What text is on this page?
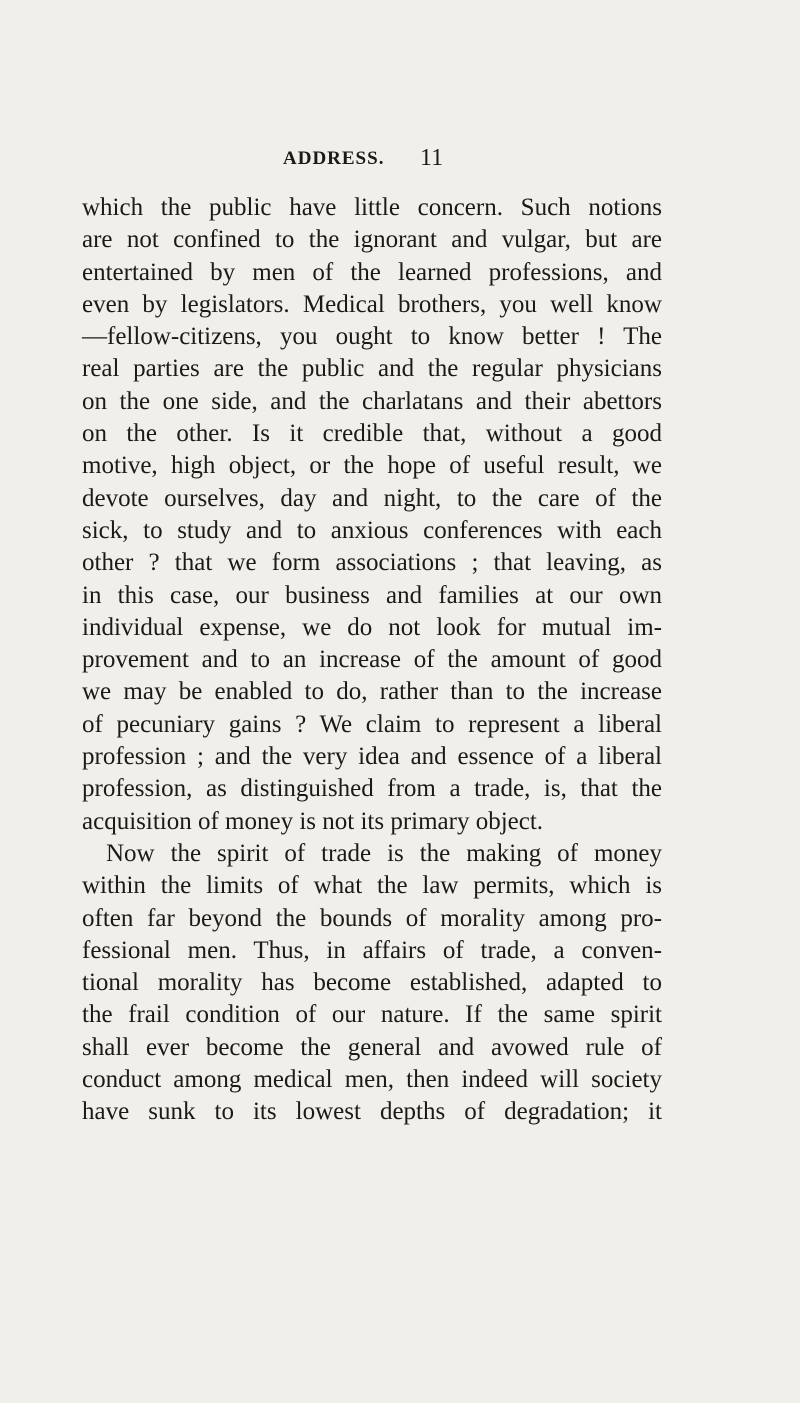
ADDRESS. 11
which the public have little concern. Such notions
are not confined to the ignorant and vulgar, but are
entertained by men of the learned professions, and
even by legislators. Medical brothers, you well know
—fellow-citizens, you ought to know better ! The
real parties are the public and the regular physicians
on the one side, and the charlatans and their abettors
on the other. Is it credible that, without a good
motive, high object, or the hope of useful result, we
devote ourselves, day and night, to the care of the
sick, to study and to anxious conferences with each
other ? that we form associations ; that leaving, as
in this case, our business and families at our own
individual expense, we do not look for mutual im-
provement and to an increase of the amount of good
we may be enabled to do, rather than to the increase
of pecuniary gains ? We claim to represent a liberal
profession ; and the very idea and essence of a liberal
profession, as distinguished from a trade, is, that the
acquisition of money is not its primary object.
Now the spirit of trade is the making of money
within the limits of what the law permits, which is
often far beyond the bounds of morality among pro-
fessional men. Thus, in affairs of trade, a conven-
tional morality has become established, adapted to
the frail condition of our nature. If the same spirit
shall ever become the general and avowed rule of
conduct among medical men, then indeed will society
have sunk to its lowest depths of degradation; it
